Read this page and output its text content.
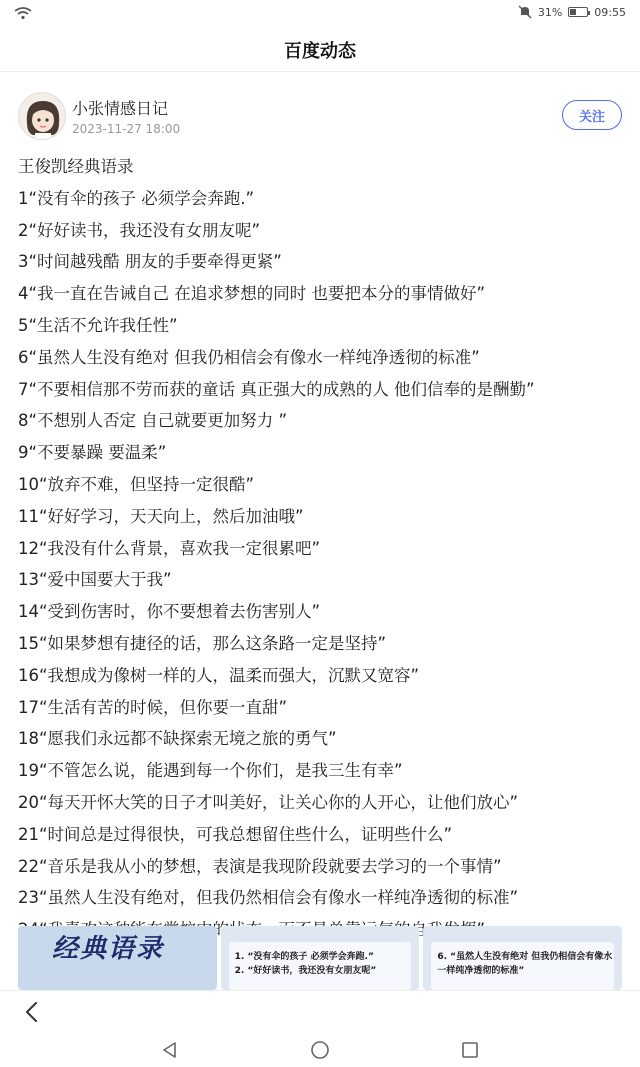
31%	09:55
百度动态
小张情感日记
2023-11-27 18:00
关注
王俊凯经典语录
1“没有伞的孩子 必须学会奔跑.”
2“好好读书，我还没有女朋友呢”
3“时间越残酷 朋友的手要牵得更紧”
4“我一直在告诫自己 在追求梦想的同时 也要把本分的事情做好”
5“生活不允许我任性”
6“虽然人生没有绝对 但我仍相信会有像水一样纯净透彻的标准”
7“不要相信那不劳而获的童话 真正强大的成熟的人 他们信奉的是酬勤”
8“不想别人否定 自己就要更加努力 ”
9“不要暴躁 要温柔”
10“放弃不难，但坚持一定很酷”
11“好好学习，天天向上，然后加油哦”
12“我没有什么背景，喜欢我一定很累吧”
13“爱中国要大于我”
14“受到伤害时，你不要想着去伤害别人”
15“如果梦想有捷径的话，那么这条路一定是坚持”
16“我想成为像树一样的人，温柔而强大，沉默又宽容”
17“生活有苦的时候，但你要一直甜”
18“愿我们永远都不缺探索无境之旅的勇气”
19“不管怎么说，能遇到每一个你们，是我三生有幸”
20“每天开怀大笑的日子才叫美好，让关心你的人开心，让他们放心”
21“时间总是过得很快，可我总想留住些什么，证明些什么”
22“音乐是我从小的梦想，表演是我现阶段就要去学习的一个事情”
23“虽然人生没有绝对，但我仍然相信会有像水一样纯净透彻的标准”
经典语录	1. “没有伞的孩子 必须学会奔跑.”
2. “好好读书，我还没有女朋友呢”
6. “虽然人生没有绝对 但我仍相信会有像水
一样纯净透彻的标准”
